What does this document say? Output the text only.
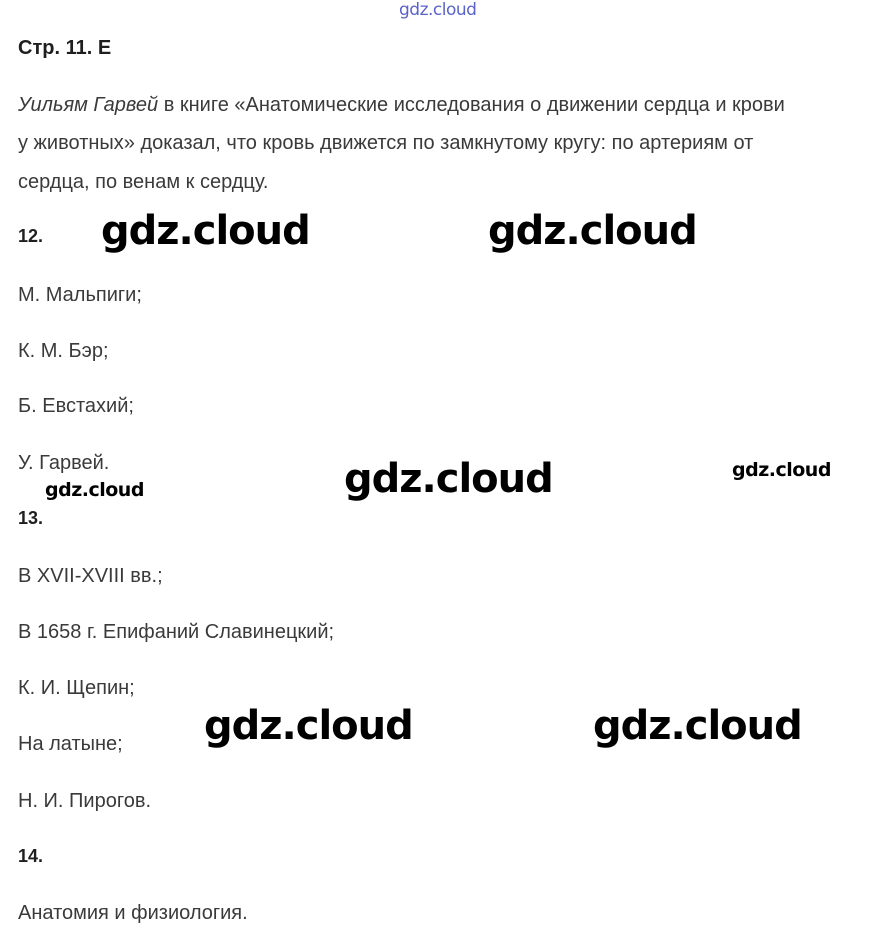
gdz.cloud
Стр. 11. Е
Уильям Гарвей в книге «Анатомические исследования о движении сердца и крови
у животных» доказал, что кровь движется по замкнутому кругу: по артериям от
сердца, по венам к сердцу.
12.
М. Мальпиги;
К. М. Бэр;
Б. Евстахий;
У. Гарвей.
13.
В XVII-XVIII вв.;
В 1658 г. Епифаний Славинецкий;
К. И. Щепин;
На латыне;
Н. И. Пирогов.
14.
Анатомия и физиология.
gdz.cloud	gdz.cloud
gdz.cloud	gdz.cloud
gdz.cloud
gdz.cloud	gdz.cloud
